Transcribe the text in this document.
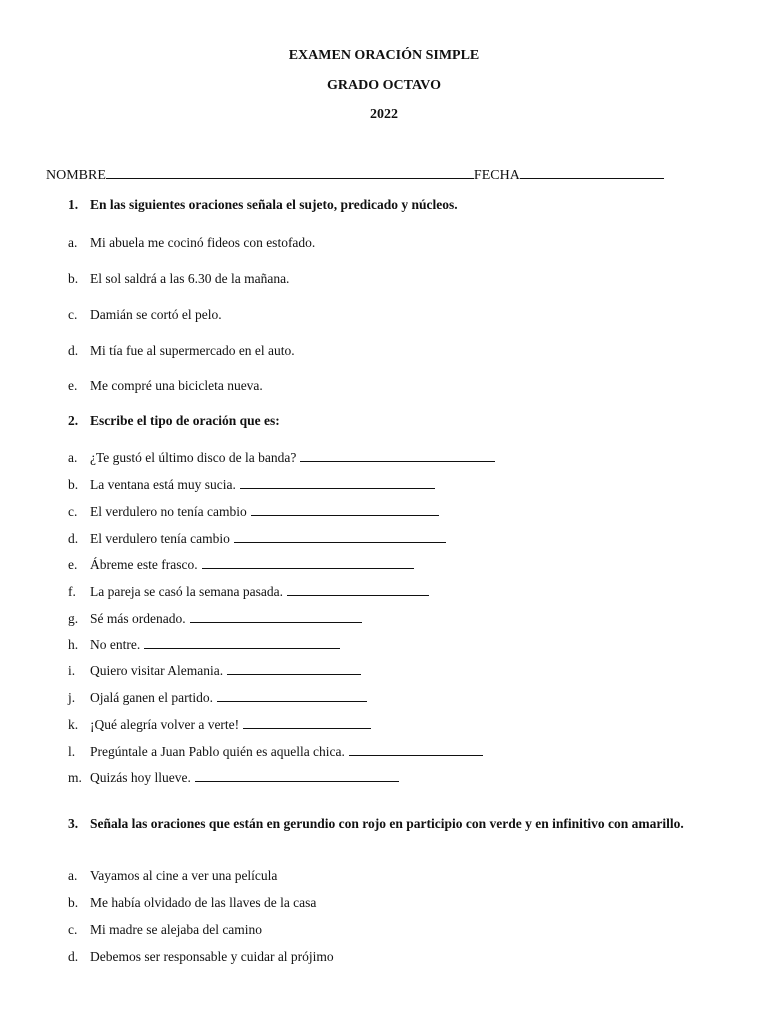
EXAMEN ORACIÓN SIMPLE
GRADO OCTAVO
2022
NOMBRE	FECHA
1. En las siguientes oraciones señala el sujeto, predicado y núcleos.
a. Mi abuela me cocinó fideos con estofado.
b. El sol saldrá a las 6.30 de la mañana.
c. Damián se cortó el pelo.
d. Mi tía fue al supermercado en el auto.
e. Me compré una bicicleta nueva.
2. Escribe el tipo de oración que es:
a. ¿Te gustó el último disco de la banda?
b. La ventana está muy sucia.
c. El verdulero no tenía cambio
d. El verdulero tenía cambio
e. Ábreme este frasco.
f.	La pareja se casó la semana pasada.
g. Sé más ordenado.
h. No entre.
i.	Quiero visitar Alemania.
j.	Ojalá ganen el partido.
k. ¡Qué alegría volver a verte!
l.	Pregúntale a Juan Pablo quién es aquella chica.
m. Quizás hoy llueve.
3. Señala las oraciones que están en gerundio con rojo en participio con verde y en infinitivo con amarillo.
a. Vayamos al cine a ver una película
b. Me había olvidado de las llaves de la casa
c. Mi madre se alejaba del camino
d. Debemos ser responsable y cuidar al prójimo
